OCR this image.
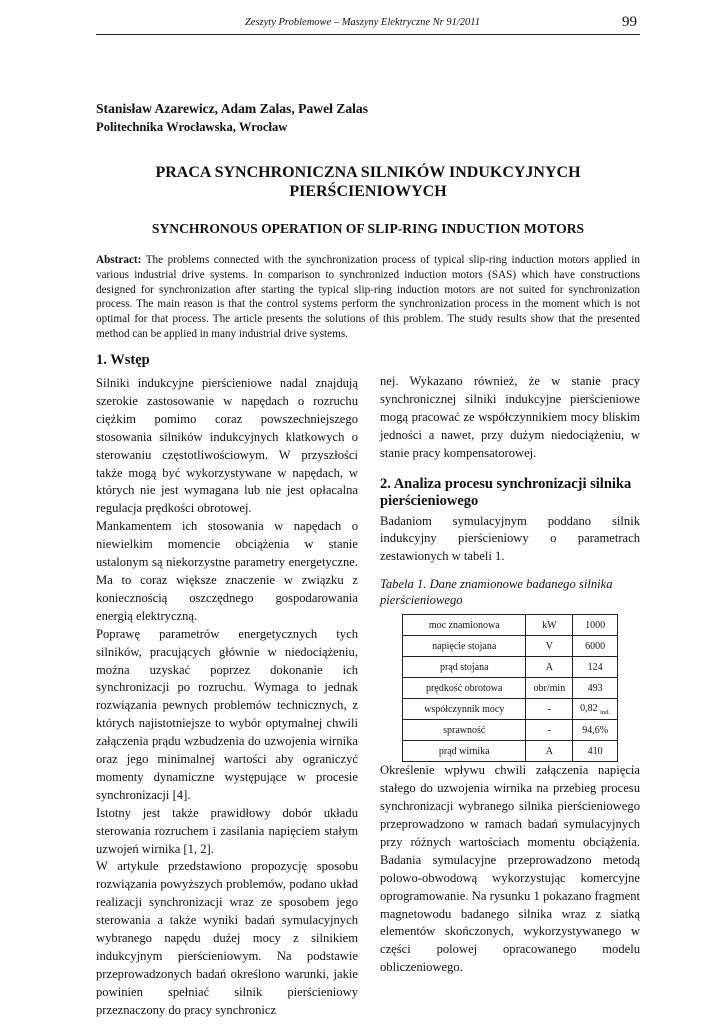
Zeszyty Problemowe – Maszyny Elektryczne Nr 91/2011	99
Stanisław Azarewicz, Adam Zalas, Paweł Zalas
Politechnika Wrocławska, Wrocław
PRACA SYNCHRONICZNA SILNIKÓW INDUKCYJNYCH
PIERŚCIENIOWYCH
SYNCHRONOUS OPERATION OF SLIP-RING INDUCTION MOTORS
Abstract: The problems connected with the synchronization process of typical slip-ring induction motors applied in various industrial drive systems. In comparison to synchronized induction motors (SAS) which have constructions designed for synchronization after starting the typical slip-ring induction motors are not suited for synchronization process. The main reason is that the control systems perform the synchronization process in the moment which is not optimal for that process. The article presents the solutions of this problem. The study results show that the presented method can be applied in many industrial drive systems.
1. Wstęp

Silniki indukcyjne pierścieniowe nadal znajdują szerokie zastosowanie w napędach o rozruchu ciężkim pomimo coraz powszechniejszego stosowania silników indukcyjnych klatkowych o sterowaniu częstotliwościowym. W przyszłości także mogą być wykorzystywane w napędach, w których nie jest wymagana lub nie jest opłacalna regulacja prędkości obrotowej.

Mankamentem ich stosowania w napędach o niewielkim momencie obciążenia w stanie ustalonym są niekorzystne parametry energetyczne. Ma to coraz większe znaczenie w związku z koniecznością oszczędnego gospodarowania energią elektryczną.

Poprawę parametrów energetycznych tych silników, pracujących głównie w niedociążeniu, można uzyskać poprzez dokonanie ich synchronizacji po rozruchu. Wymaga to jednak rozwiązania pewnych problemów technicznych, z których najistotniejsze to wybór optymalnej chwili załączenia prądu wzbudzenia do uzwojenia wirnika oraz jego minimalnej wartości aby ograniczyć momenty dynamiczne występujące w procesie synchronizacji [4].

Istotny jest także prawidłowy dobór układu sterowania rozruchem i zasilania napięciem stałym uzwojeń wirnika [1, 2].

W artykule przedstawiono propozycję sposobu rozwiązania powyższych problemów, podano układ realizacji synchronizacji wraz ze sposobem jego sterowania a także wyniki badań symulacyjnych wybranego napędu dużej mocy z silnikiem indukcyjnym pierścieniowym. Na podstawie przeprowadzonych badań określono warunki, jakie powinien spełniać silnik pierścieniowy przeznaczony do pracy synchronicz

nej. Wykazano również, że w stanie pracy synchronicznej silniki indukcyjne pierścieniowe mogą pracować ze współczynnikiem mocy bliskim jedności a nawet, przy dużym niedociążeniu, w stanie pracy kompensatorowej.

2. Analiza procesu synchronizacji silnika pierścieniowego

Badaniom symulacyjnym poddano silnik indukcyjny pierścieniowy o parametrach zestawionych w tabeli 1.

Tabela 1. Dane znamionowe badanego silnika pierścieniowego
moc znamionowa	kW	1000
napięcie stojana	V	6000
prąd stojana	A	124
prędkość obrotowa	obr/min	493
współczynnik mocy	-	0,82 $_{ind.}$
sprawność	-	94,6%
prąd wirnika	A	410

Określenie wpływu chwili załączenia napięcia stałego do uzwojenia wirnika na przebieg procesu synchronizacji wybranego silnika pierścieniowego przeprowadzono w ramach badań symulacyjnych przy różnych wartościach momentu obciążenia. Badania symulacyjne przeprowadzono metodą polowo-obwodową wykorzystując komercyjne oprogramowanie. Na rysunku 1 pokazano fragment magnetowodu badanego silnika wraz z siatką elementów skończonych, wykorzystywanego w części polowej opracowanego modelu obliczeniowego.
